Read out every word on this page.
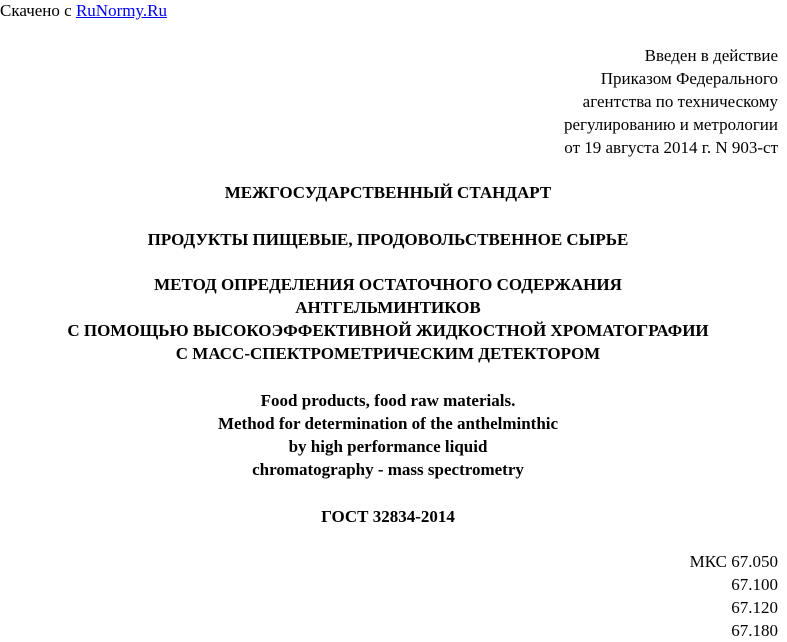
Скачено с RuNormy.Ru
Введен в действие
Приказом Федерального
агентства по техническому
регулированию и метрологии
от 19 августа 2014 г. N 903-ст
МЕЖГОСУДАРСТВЕННЫЙ СТАНДАРТ
ПРОДУКТЫ ПИЩЕВЫЕ, ПРОДОВОЛЬСТВЕННОЕ СЫРЬЕ
МЕТОД ОПРЕДЕЛЕНИЯ ОСТАТОЧНОГО СОДЕРЖАНИЯ
АНТГЕЛЬМИНТИКОВ
С ПОМОЩЬЮ ВЫСОКОЭФФЕКТИВНОЙ ЖИДКОСТНОЙ ХРОМАТОГРАФИИ
С МАСС-СПЕКТРОМЕТРИЧЕСКИМ ДЕТЕКТОРОМ
Food products, food raw materials.
Method for determination of the anthelminthic
by high performance liquid
chromatography - mass spectrometry
ГОСТ 32834-2014
МКС 67.050
67.100
67.120
67.180
